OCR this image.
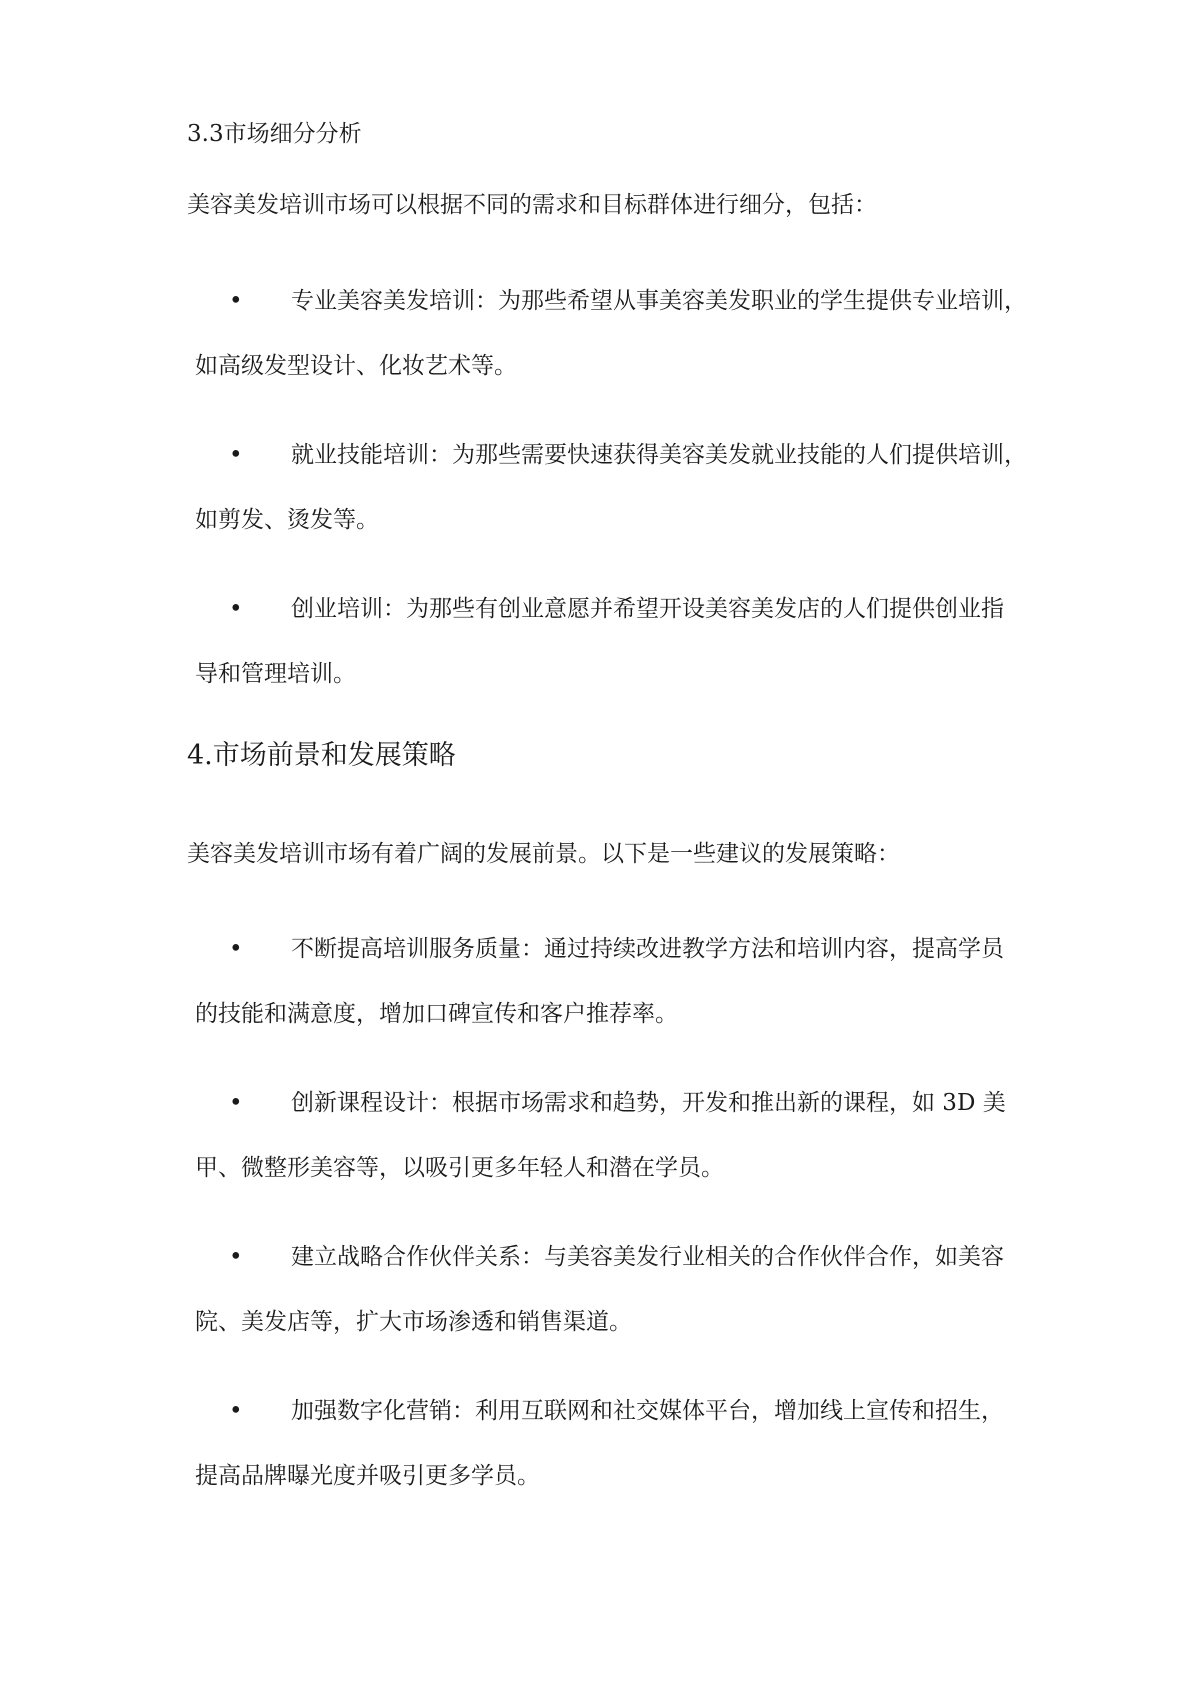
3.3市场细分分析
美容美发培训市场可以根据不同的需求和目标群体进行细分，包括：
• 专业美容美发培训：为那些希望从事美容美发职业的学生提供专业培训，
如高级发型设计、化妆艺术等。
• 就业技能培训：为那些需要快速获得美容美发就业技能的人们提供培训，
如剪发、烫发等。
• 创业培训：为那些有创业意愿并希望开设美容美发店的人们提供创业指
导和管理培训。
4.市场前景和发展策略
美容美发培训市场有着广阔的发展前景。以下是一些建议的发展策略：
• 不断提高培训服务质量：通过持续改进教学方法和培训内容，提高学员
的技能和满意度，增加口碑宣传和客户推荐率。
• 创新课程设计：根据市场需求和趋势，开发和推出新的课程，如 3D 美
甲、微整形美容等，以吸引更多年轻人和潜在学员。
• 建立战略合作伙伴关系：与美容美发行业相关的合作伙伴合作，如美容
院、美发店等，扩大市场渗透和销售渠道。
• 加强数字化营销：利用互联网和社交媒体平台，增加线上宣传和招生，
提高品牌曝光度并吸引更多学员。
